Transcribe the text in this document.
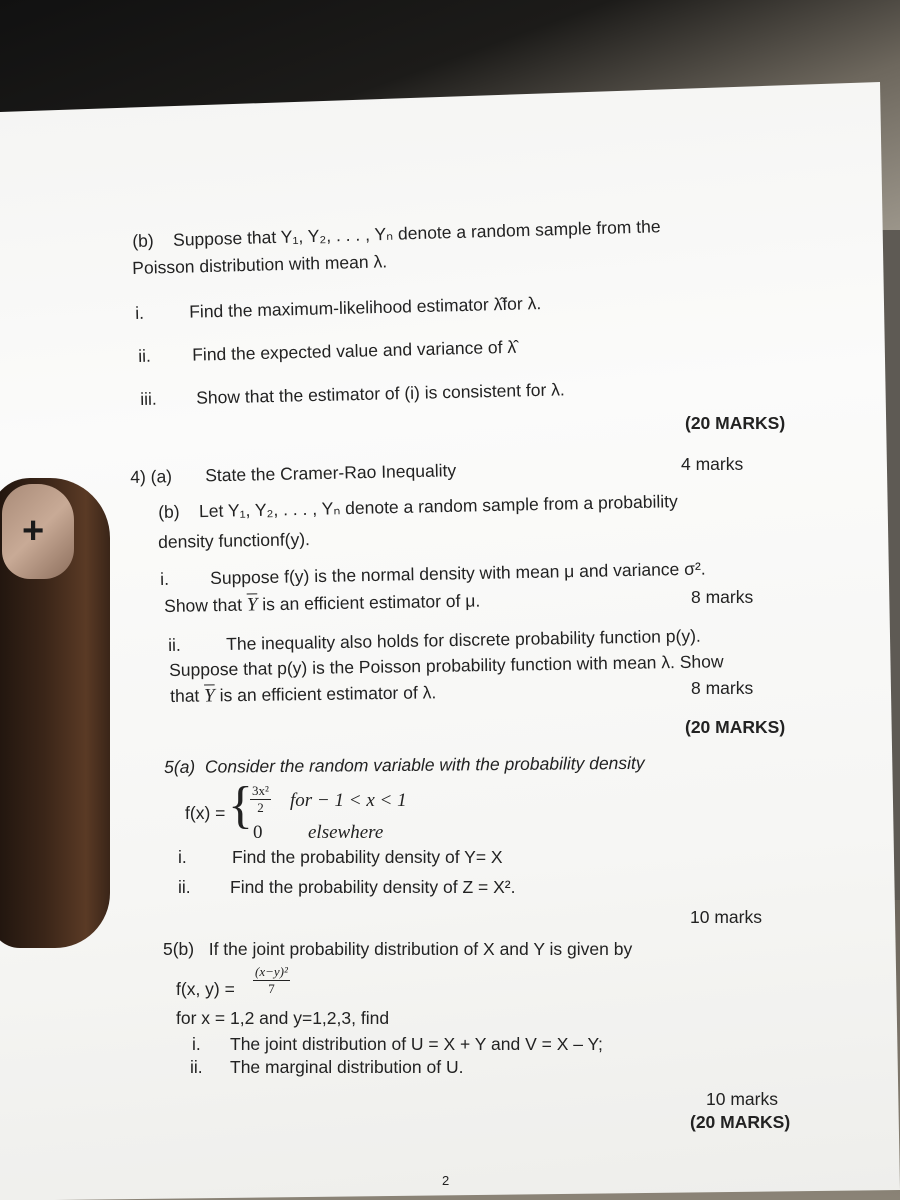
+
(b) Suppose that Y₁, Y₂, . . . , Yₙ denote a random sample from the
Poisson distribution with mean λ.
i.	Find the maximum-likelihood estimator λ̂for λ.
ii. Find the expected value and variance of λ̂
iii. Show that the estimator of (i) is consistent for λ.
(20 MARKS)
4) (a) State the Cramer-Rao Inequality	4 marks
(b) Let Y₁, Y₂, . . . , Yₙ denote a random sample from a probability
density functionf(y).
i. Suppose f(y) is the normal density with mean μ and variance σ².
Show that $\overline{Y}$ is an efficient estimator of μ.	8 marks
ii.	The inequality also holds for discrete probability function p(y).
Suppose that p(y) is the Poisson probability function with mean λ. Show
that $\overline{Y}$ is an efficient estimator of λ.	8 marks
(20 MARKS)
5(a) Consider the random variable with the probability density
f(x) = {
$\frac{\text{3x²}}{2}$ for − 1 < x < 1
0 elsewhere
i.	Find the probability density of Y= X
ii. Find the probability density of Z = X².
10 marks
5(b) If the joint probability distribution of X and Y is given by
f(x, $y) = \frac{\text{(x−y)²}}{7}$
for x = 1,2 and y=1,2,3, find
i. The joint distribution of U = X + Y and V = X – Y;
ii. The marginal distribution of U.
10 marks
(20 MARKS)
2
